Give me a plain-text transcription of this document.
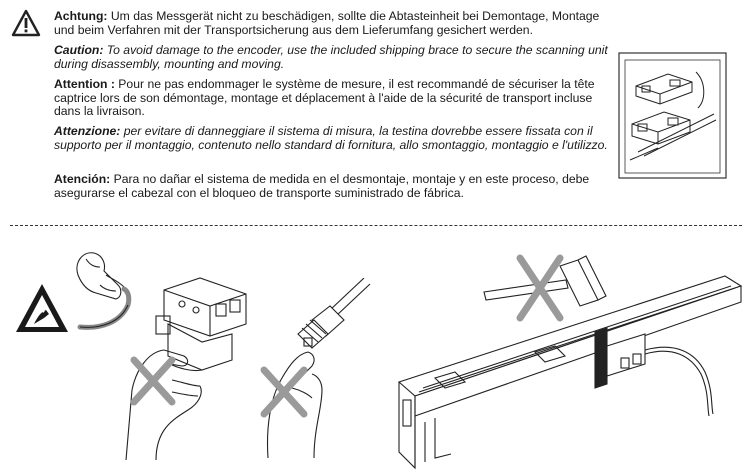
Achtung: Um das Messgerät nicht zu beschädigen, sollte die Abtasteinheit bei Demontage, Montage und beim Verfahren mit der Transportsicherung aus dem Lieferumfang gesichert werden.

Caution: To avoid damage to the encoder, use the included shipping brace to secure the scanning unit during disassembly, mounting and moving.

Attention : Pour ne pas endommager le système de mesure, il est recommandé de sécuriser la tête captrice lors de son démontage, montage et déplacement à l'aide de la sécurité de transport incluse dans la livraison.

Attenzione: per evitare di danneggiare il sistema di misura, la testina dovrebbe essere fissata con il supporto per il montaggio, contenuto nello standard di fornitura, allo smontaggio, montaggio e l'utilizzo.

Atención: Para no dañar el sistema de medida en el desmontaje, montaje y en este proceso, debe asegurarse el cabezal con el bloqueo de transporte suministrado de fábrica.
